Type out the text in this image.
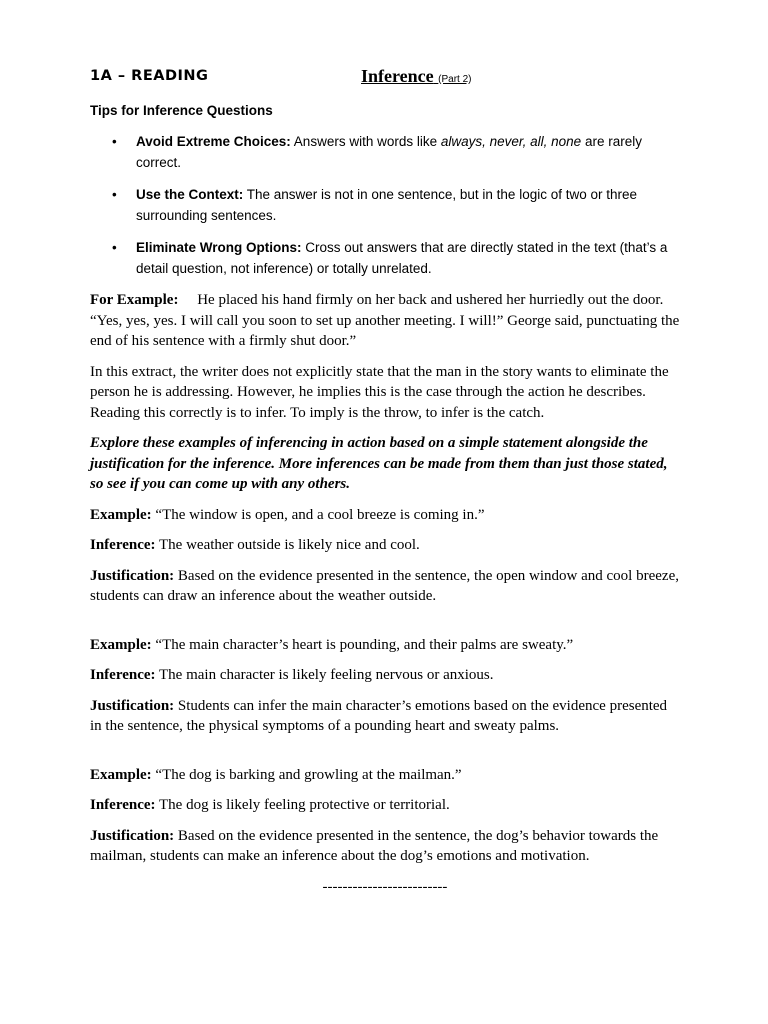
1A – READING	Inference (Part 2)
Tips for Inference Questions
• Avoid Extreme Choices: Answers with words like always, never, all, none are rarely correct.
• Use the Context: The answer is not in one sentence, but in the logic of two or three surrounding sentences.
• Eliminate Wrong Options: Cross out answers that are directly stated in the text (that’s a detail question, not inference) or totally unrelated.

For Example: He placed his hand firmly on her back and ushered her hurriedly out the door. “Yes, yes, yes. I will call you soon to set up another meeting. I will!” George said, punctuating the end of his sentence with a firmly shut door.”

In this extract, the writer does not explicitly state that the man in the story wants to eliminate the person he is addressing. However, he implies this is the case through the action he describes. Reading this correctly is to infer. To imply is the throw, to infer is the catch.

Explore these examples of inferencing in action based on a simple statement alongside the justification for the inference. More inferences can be made from them than just those stated, so see if you can come up with any others.

Example: “The window is open, and a cool breeze is coming in.”

Inference: The weather outside is likely nice and cool.

Justification: Based on the evidence presented in the sentence, the open window and cool breeze, students can draw an inference about the weather outside.

Example: “The main character’s heart is pounding, and their palms are sweaty.”

Inference: The main character is likely feeling nervous or anxious.

Justification: Students can infer the main character’s emotions based on the evidence presented in the sentence, the physical symptoms of a pounding heart and sweaty palms.

Example: “The dog is barking and growling at the mailman.”

Inference: The dog is likely feeling protective or territorial.

Justification: Based on the evidence presented in the sentence, the dog’s behavior towards the mailman, students can make an inference about the dog’s emotions and motivation.

-------------------------
